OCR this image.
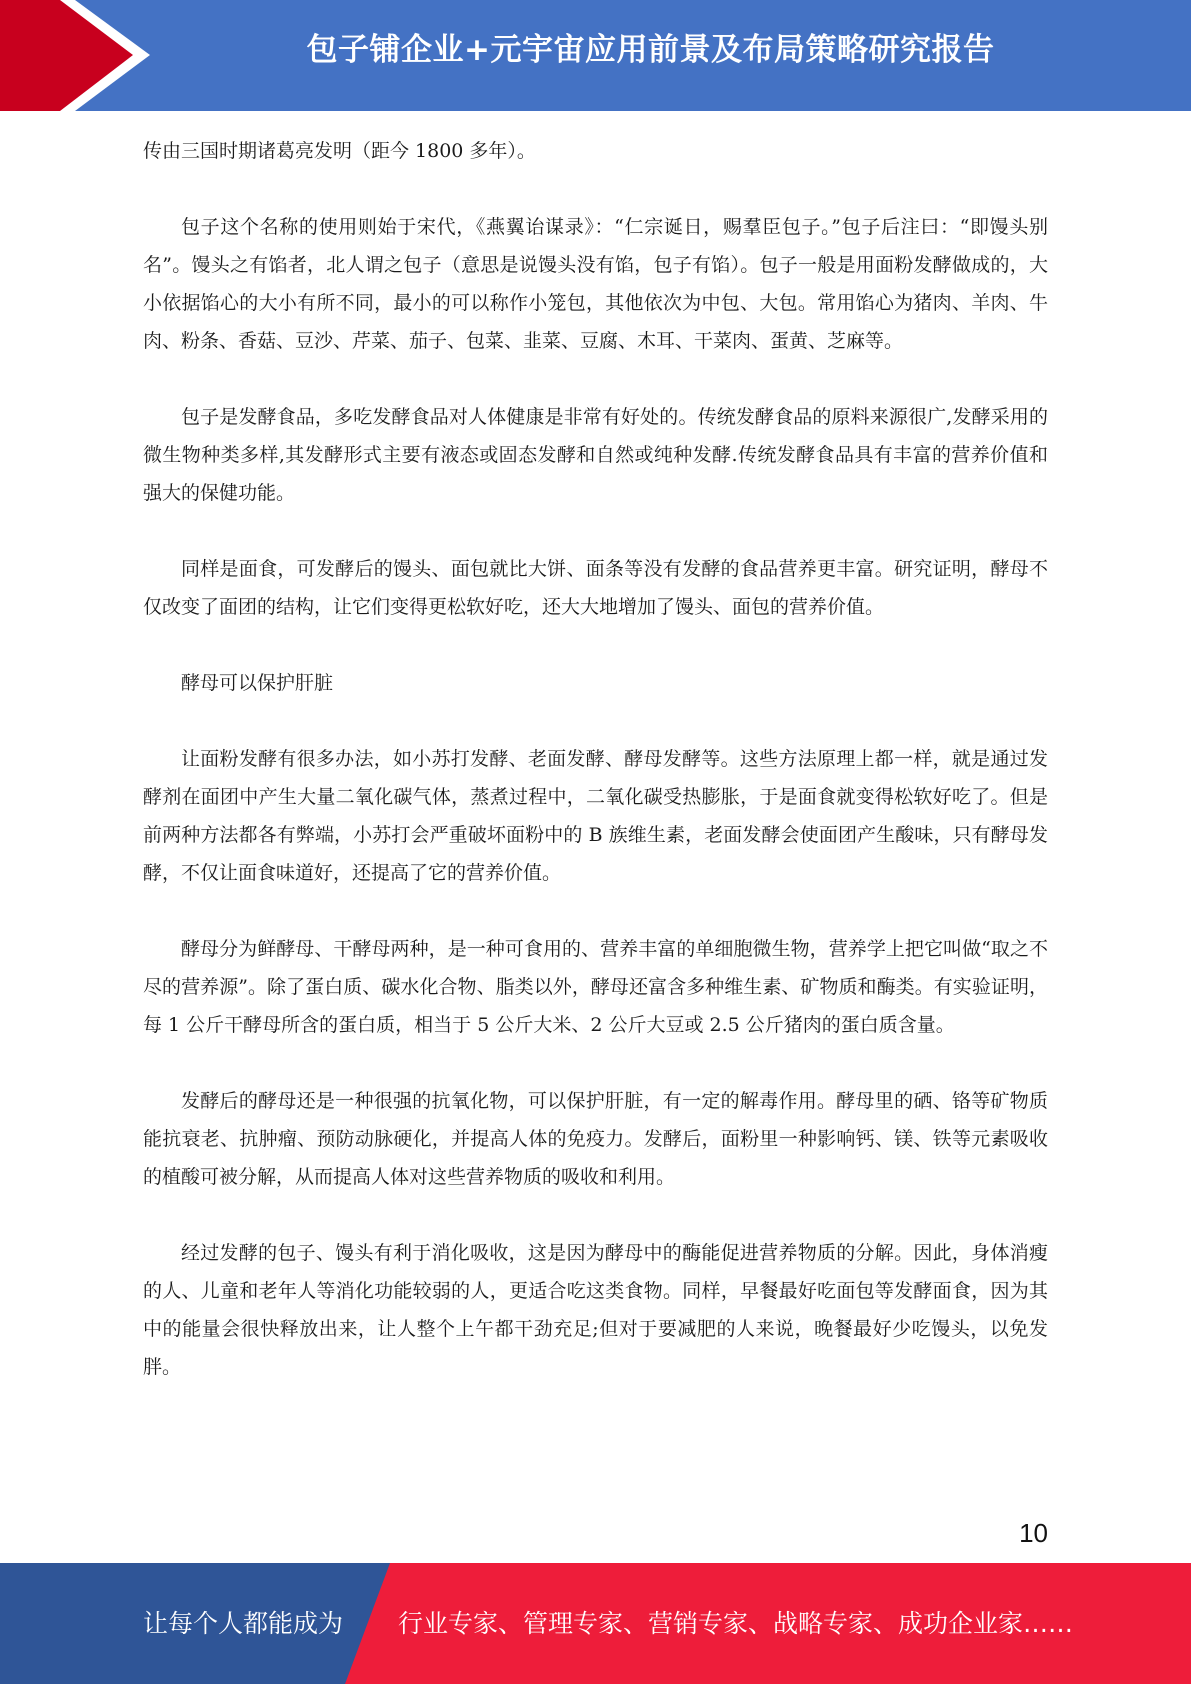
包子铺企业+元宇宙应用前景及布局策略研究报告

传由三国时期诸葛亮发明（距今 1800 多年）。

包子这个名称的使用则始于宋代，《燕翼诒谋录》：“仁宗诞日，赐羣臣包子。”包子后注曰：“即馒头别名”。馒头之有馅者，北人谓之包子（意思是说馒头没有馅，包子有馅）。包子一般是用面粉发酵做成的，大小依据馅心的大小有所不同，最小的可以称作小笼包，其他依次为中包、大包。常用馅心为猪肉、羊肉、牛肉、粉条、香菇、豆沙、芹菜、茄子、包菜、韭菜、豆腐、木耳、干菜肉、蛋黄、芝麻等。

包子是发酵食品，多吃发酵食品对人体健康是非常有好处的。传统发酵食品的原料来源很广,发酵采用的微生物种类多样,其发酵形式主要有液态或固态发酵和自然或纯种发酵.传统发酵食品具有丰富的营养价值和强大的保健功能。

同样是面食，可发酵后的馒头、面包就比大饼、面条等没有发酵的食品营养更丰富。研究证明，酵母不仅改变了面团的结构，让它们变得更松软好吃，还大大地增加了馒头、面包的营养价值。

酵母可以保护肝脏

让面粉发酵有很多办法，如小苏打发酵、老面发酵、酵母发酵等。这些方法原理上都一样，就是通过发酵剂在面团中产生大量二氧化碳气体，蒸煮过程中，二氧化碳受热膨胀，于是面食就变得松软好吃了。但是前两种方法都各有弊端，小苏打会严重破坏面粉中的 B 族维生素，老面发酵会使面团产生酸味，只有酵母发酵，不仅让面食味道好，还提高了它的营养价值。

酵母分为鲜酵母、干酵母两种，是一种可食用的、营养丰富的单细胞微生物，营养学上把它叫做“取之不尽的营养源”。除了蛋白质、碳水化合物、脂类以外，酵母还富含多种维生素、矿物质和酶类。有实验证明，每 1 公斤干酵母所含的蛋白质，相当于 5 公斤大米、2 公斤大豆或 2.5 公斤猪肉的蛋白质含量。

发酵后的酵母还是一种很强的抗氧化物，可以保护肝脏，有一定的解毒作用。酵母里的硒、铬等矿物质能抗衰老、抗肿瘤、预防动脉硬化，并提高人体的免疫力。发酵后，面粉里一种影响钙、镁、铁等元素吸收的植酸可被分解，从而提高人体对这些营养物质的吸收和利用。

经过发酵的包子、馒头有利于消化吸收，这是因为酵母中的酶能促进营养物质的分解。因此，身体消瘦的人、儿童和老年人等消化功能较弱的人，更适合吃这类食物。同样，早餐最好吃面包等发酵面食，因为其中的能量会很快释放出来，让人整个上午都干劲充足;但对于要减肥的人来说，晚餐最好少吃馒头，以免发胖。

10
让每个人都能成为 行业专家、管理专家、营销专家、战略专家、成功企业家……
